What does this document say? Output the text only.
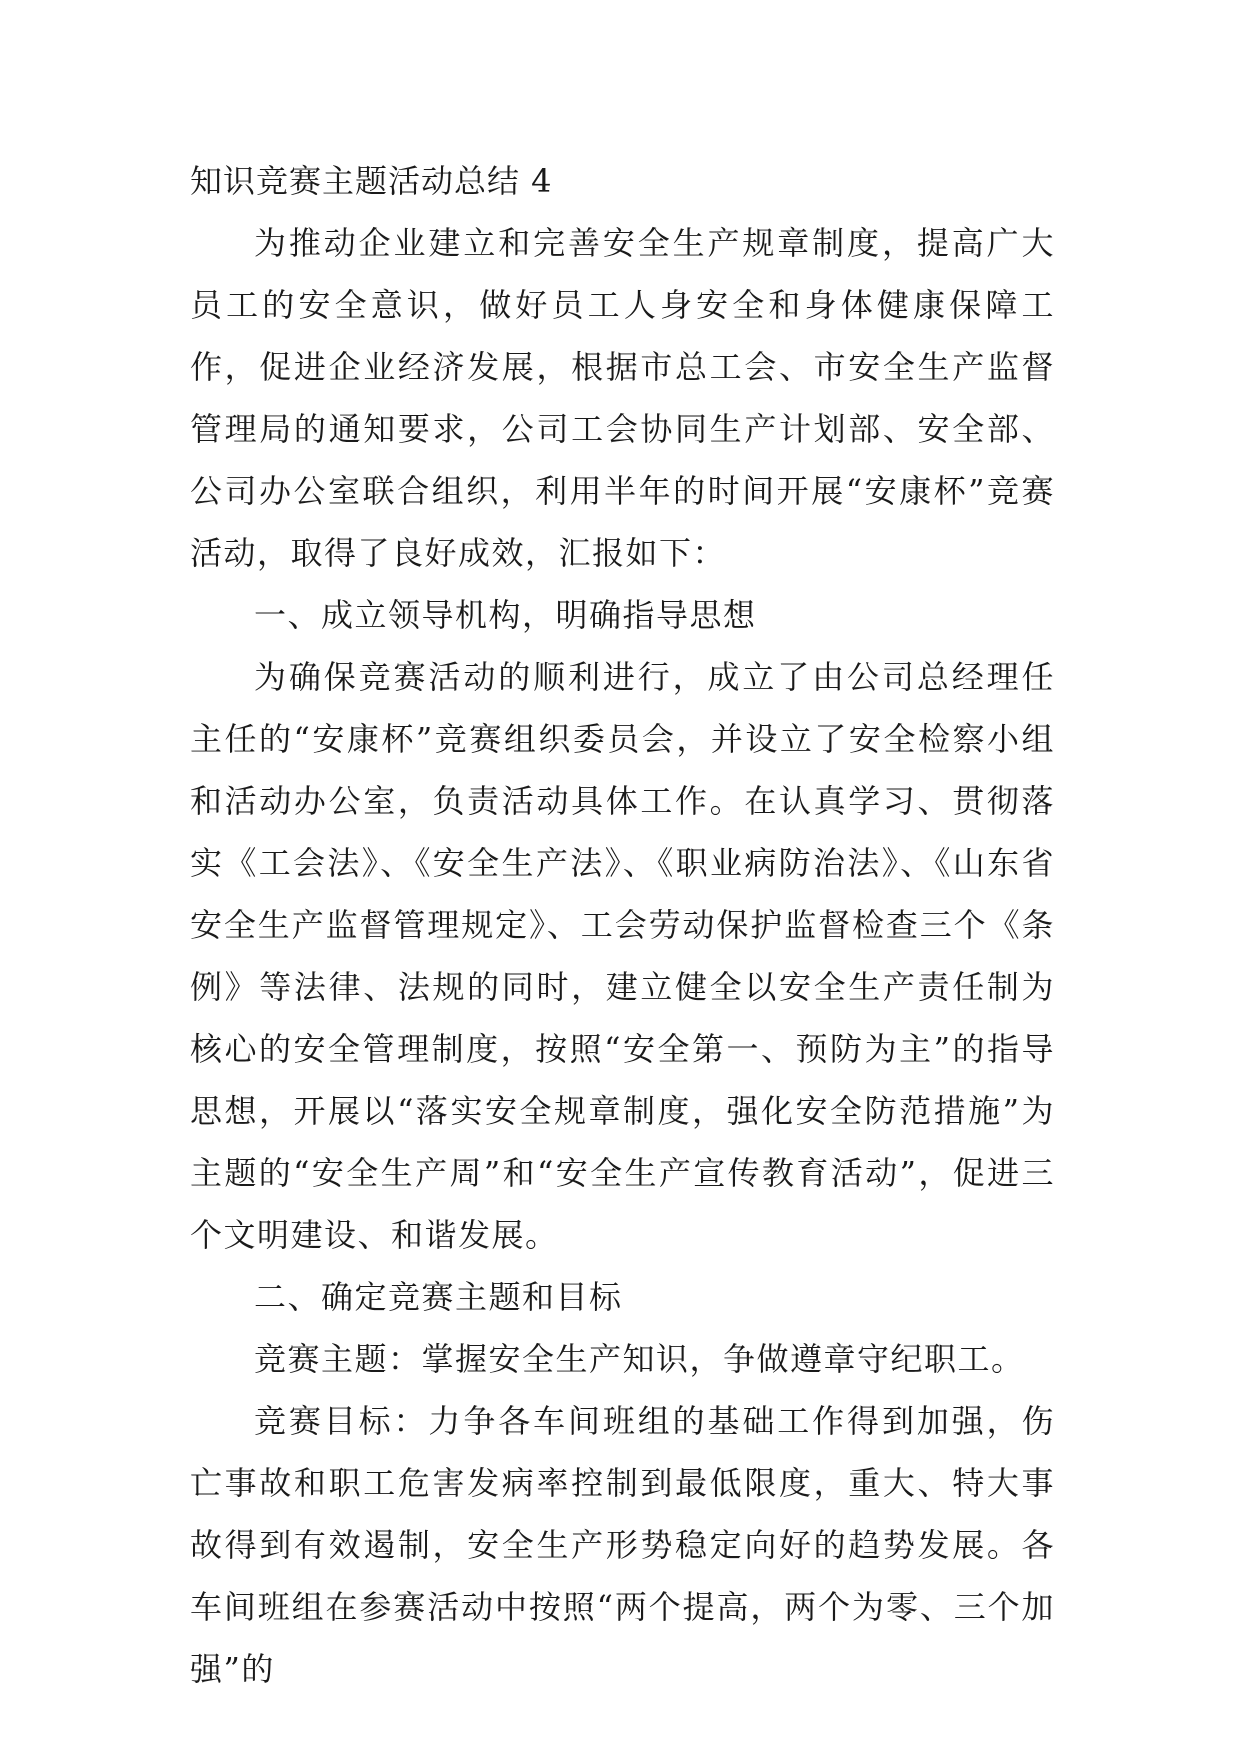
知识竞赛主题活动总结 4

为推动企业建立和完善安全生产规章制度，提高广大员工的安全意识，做好员工人身安全和身体健康保障工作，促进企业经济发展，根据市总工会、市安全生产监督管理局的通知要求，公司工会协同生产计划部、安全部、公司办公室联合组织，利用半年的时间开展“安康杯”竞赛活动，取得了良好成效，汇报如下：

一、成立领导机构，明确指导思想

为确保竞赛活动的顺利进行，成立了由公司总经理任主任的“安康杯”竞赛组织委员会，并设立了安全检察小组和活动办公室，负责活动具体工作。在认真学习、贯彻落实《工会法》、《安全生产法》、《职业病防治法》、《山东省安全生产监督管理规定》、工会劳动保护监督检查三个《条例》等法律、法规的同时，建立健全以安全生产责任制为核心的安全管理制度，按照“安全第一、预防为主”的指导思想，开展以“落实安全规章制度，强化安全防范措施”为主题的“安全生产周”和“安全生产宣传教育活动”，促进三个文明建设、和谐发展。

二、确定竞赛主题和目标

竞赛主题：掌握安全生产知识，争做遵章守纪职工。

竞赛目标：力争各车间班组的基础工作得到加强，伤亡事故和职工危害发病率控制到最低限度，重大、特大事故得到有效遏制，安全生产形势稳定向好的趋势发展。各车间班组在参赛活动中按照“两个提高，两个为零、三个加强”的
